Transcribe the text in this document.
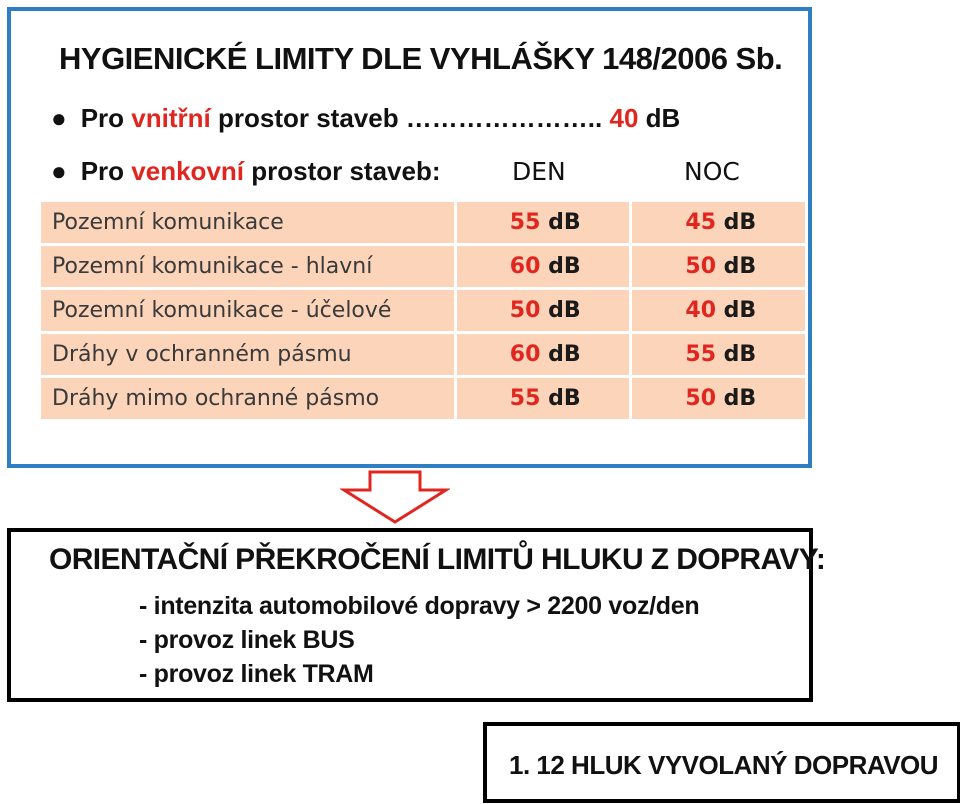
HYGIENICKÉ LIMITY DLE VYHLÁŠKY 148/2006 Sb.
● Pro vnitřní prostor staveb ………………….. 40 dB
● Pro venkovní prostor staveb:	DEN	NOC
Pozemní komunikace	55 dB	45 dB
Pozemní komunikace - hlavní	60 dB	50 dB
Pozemní komunikace - účelové	50 dB	40 dB
Dráhy v ochranném pásmu	60 dB	55 dB
Dráhy mimo ochranné pásmo	55 dB	50 dB
ORIENTAČNÍ PŘEKROČENÍ LIMITŮ HLUKU Z DOPRAVY:
- intenzita automobilové dopravy > 2200 voz/den
- provoz linek BUS
- provoz linek TRAM
1. 12 HLUK VYVOLANÝ DOPRAVOU
